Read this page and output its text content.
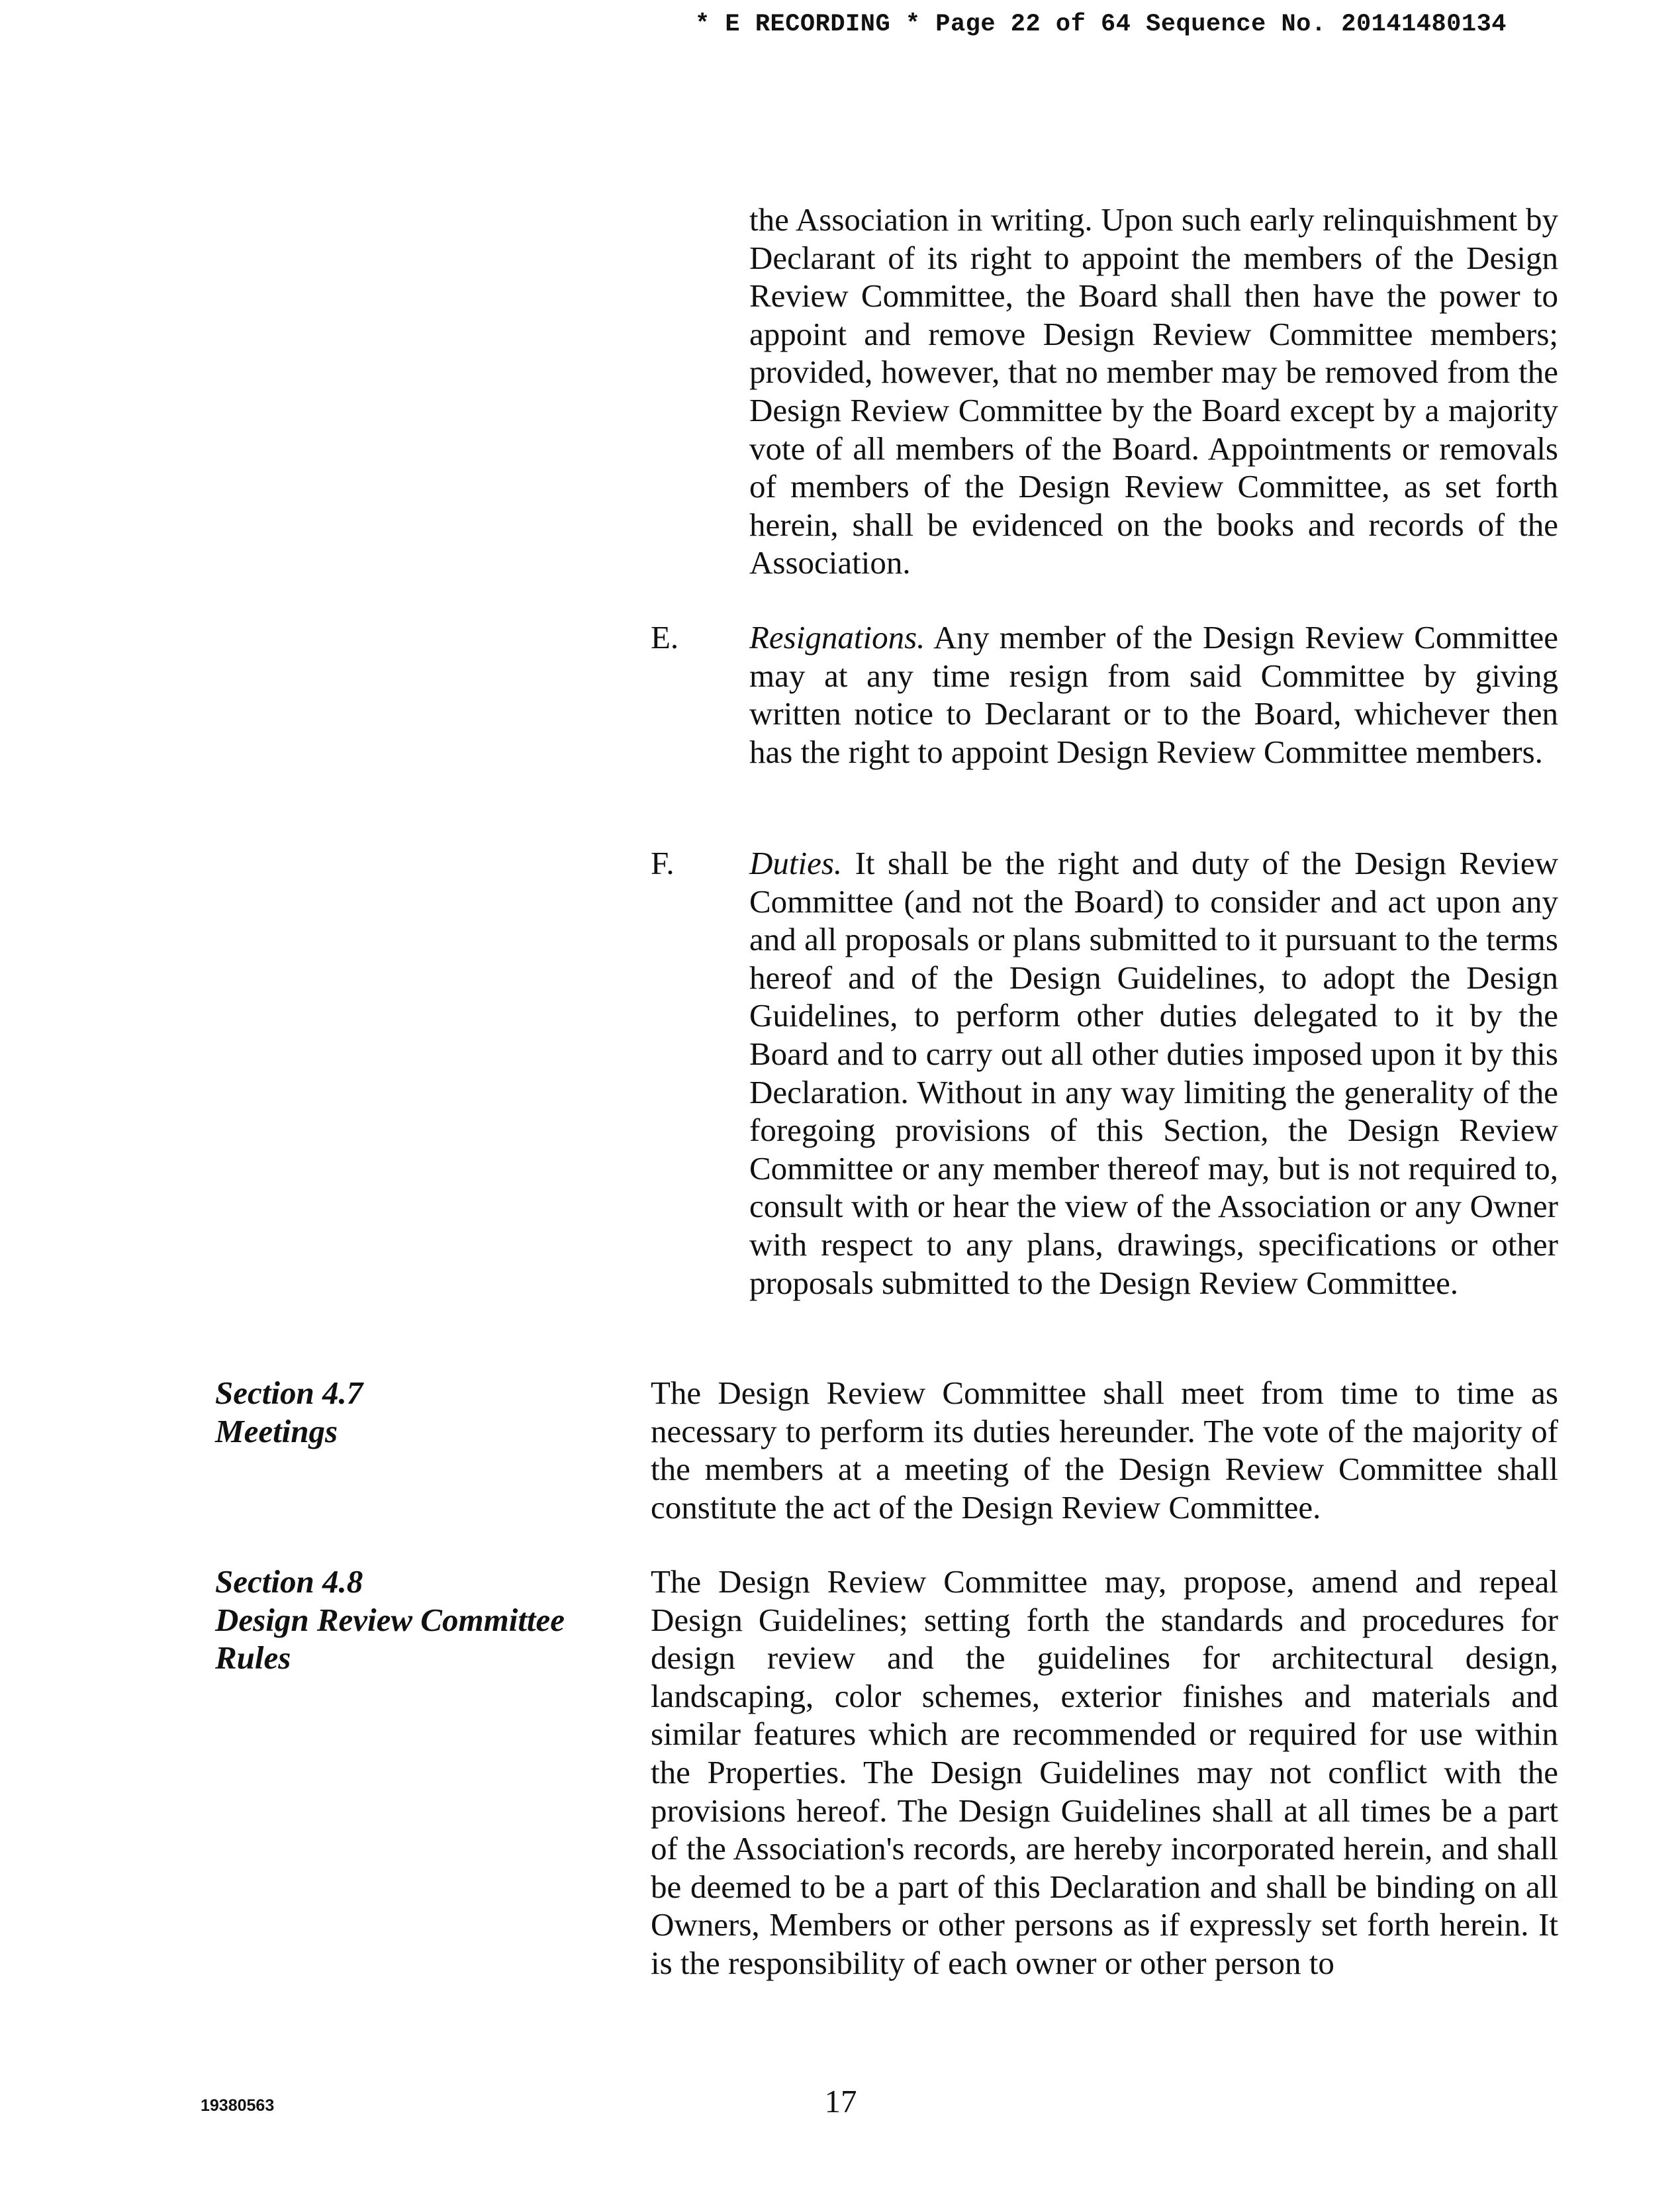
* E RECORDING * Page 22 of 64 Sequence No. 20141480134
the Association in writing. Upon such early relinquishment by Declarant of its right to appoint the members of the Design Review Committee, the Board shall then have the power to appoint and remove Design Review Committee members; provided, however, that no member may be removed from the Design Review Committee by the Board except by a majority vote of all members of the Board. Appointments or removals of members of the Design Review Committee, as set forth herein, shall be evidenced on the books and records of the Association.
E. Resignations. Any member of the Design Review Committee may at any time resign from said Committee by giving written notice to Declarant or to the Board, whichever then has the right to appoint Design Review Committee members.
F. Duties. It shall be the right and duty of the Design Review Committee (and not the Board) to consider and act upon any and all proposals or plans submitted to it pursuant to the terms hereof and of the Design Guidelines, to adopt the Design Guidelines, to perform other duties delegated to it by the Board and to carry out all other duties imposed upon it by this Declaration. Without in any way limiting the generality of the foregoing provisions of this Section, the Design Review Committee or any member thereof may, but is not required to, consult with or hear the view of the Association or any Owner with respect to any plans, drawings, specifications or other proposals submitted to the Design Review Committee.
Section 4.7
Meetings
The Design Review Committee shall meet from time to time as necessary to perform its duties hereunder. The vote of the majority of the members at a meeting of the Design Review Committee shall constitute the act of the Design Review Committee.
Section 4.8
Design Review Committee
Rules
The Design Review Committee may, propose, amend and repeal Design Guidelines; setting forth the standards and procedures for design review and the guidelines for architectural design, landscaping, color schemes, exterior finishes and materials and similar features which are recommended or required for use within the Properties. The Design Guidelines may not conflict with the provisions hereof. The Design Guidelines shall at all times be a part of the Association's records, are hereby incorporated herein, and shall be deemed to be a part of this Declaration and shall be binding on all Owners, Members or other persons as if expressly set forth herein. It is the responsibility of each owner or other person to
19380563	17
